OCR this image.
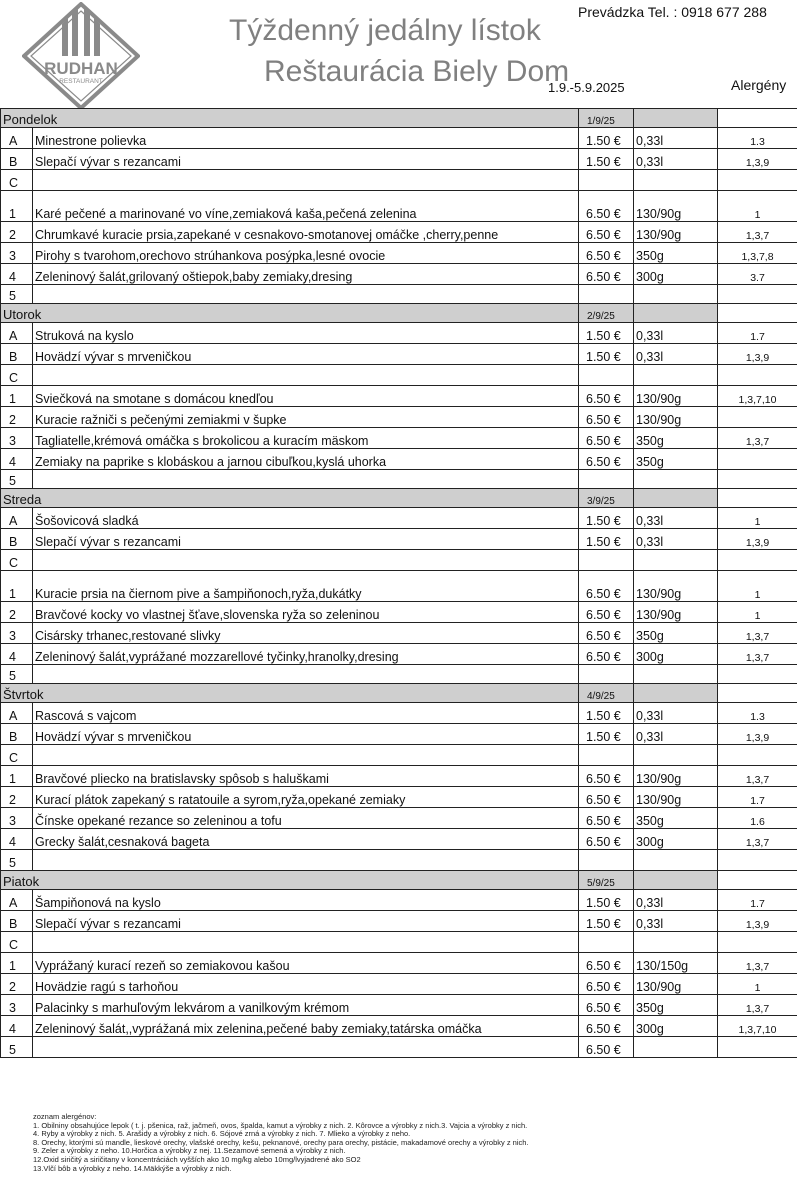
RUDHAN
RESTAURANT
Týždenný jedálny lístok
Reštaurácia Biely Dom
Prevádzka Tel. : 0918 677 288
1.9.-5.9.2025	Alergény
Pondelok		1/9/25		
A	Minestrone polievka	1.50 €	0,33l	1.3
B	Slepačí vývar s rezancami	1.50 €	0,33l	1,3,9
C				
1	Karé pečené a marinované vo víne,zemiaková kaša,pečená zelenina	6.50 €	130/90g	1
2	Chrumkavé kuracie prsia,zapekané v cesnakovo-smotanovej omáčke ,cherry,penne	6.50 €	130/90g	1,3,7
3	Pirohy s tvarohom,orechovo strúhankova posýpka,lesné ovocie	6.50 €	350g	1,3,7,8
4	Zeleninový šalát,grilovaný oštiepok,baby zemiaky,dresing	6.50 €	300g	3.7
5				
Utorok		2/9/25		
A	Struková na kyslo	1.50 €	0,33l	1.7
B	Hovädzí vývar s mrveničkou	1.50 €	0,33l	1,3,9
C				
1	Sviečková na smotane s domácou knedľou	6.50 €	130/90g	1,3,7,10
2	Kuracie ražniči s pečenými zemiakmi v šupke	6.50 €	130/90g	
3	Tagliatelle,krémová omáčka s brokolicou a kuracím mäskom	6.50 €	350g	1,3,7
4	Zemiaky na paprike s klobáskou a jarnou cibuľkou,kyslá uhorka	6.50 €	350g	
5				
Streda		3/9/25		
A	Šošovicová sladká	1.50 €	0,33l	1
B	Slepačí vývar s rezancami	1.50 €	0,33l	1,3,9
C				
1	Kuracie prsia na čiernom pive a šampiňonoch,ryža,dukátky	6.50 €	130/90g	1
2	Bravčové kocky vo vlastnej šťave,slovenska ryža so zeleninou	6.50 €	130/90g	1
3	Cisársky trhanec,restované slivky	6.50 €	350g	1,3,7
4	Zeleninový šalát,vyprážané mozzarellové tyčinky,hranolky,dresing	6.50 €	300g	1,3,7
5				
Štvrtok		4/9/25		
A	Rascová s vajcom	1.50 €	0,33l	1.3
B	Hovädzí vývar s mrveničkou	1.50 €	0,33l	1,3,9
C				
1	Bravčové pliecko na bratislavsky spôsob s haluškami	6.50 €	130/90g	1,3,7
2	Kurací plátok zapekaný s ratatouile a syrom,ryža,opekané zemiaky	6.50 €	130/90g	1.7
3	Čínske opekané rezance so zeleninou a tofu	6.50 €	350g	1.6
4	Grecky šalát,cesnaková bageta	6.50 €	300g	1,3,7
5				
Piatok		5/9/25		
A	Šampiňonová na kyslo	1.50 €	0,33l	1.7
B	Slepačí vývar s rezancami	1.50 €	0,33l	1,3,9
C				
1	Vyprážaný kurací rezeň so zemiakovou kašou	6.50 €	130/150g	1,3,7
2	Hovädzie ragú s tarhoňou	6.50 €	130/90g	1
3	Palacinky s marhuľovým lekvárom a vanilkovým krémom	6.50 €	350g	1,3,7
4	Zeleninový šalát,,vyprážaná mix zelenina,pečené baby zemiaky,tatárska omáčka	6.50 €	300g	1,3,7,10
5		6.50 €		
zoznam alergénov:
1. Obilniny obsahujúce lepok ( t. j. pšenica, raž, jačmeň, ovos, špalda, kamut a výrobky z nich. 2. Kôrovce a výrobky z nich.3. Vajcia a výrobky z nich.
4. Ryby a výrobky z nich. 5. Arašidy a výrobky z nich. 6. Sójové zrná a výrobky z nich. 7. Mlieko a výrobky z neho.
8. Orechy, ktorými sú mandle, lieskové orechy, vlašské orechy, kešu, peknanové, orechy para orechy, pistácie, makadamové orechy a výrobky z nich.
9. Zeler a výrobky z neho. 10.Horčica a výrobky z nej. 11.Sezamové semená a výrobky z nich.
12.Oxid siričitý a siričitany v koncentráciách vyšších ako 10 mg/kg alebo 10mg/lvyjadrené ako SO2
13.Vlčí bôb a výrobky z neho. 14.Mäkkýše a výrobky z nich.
